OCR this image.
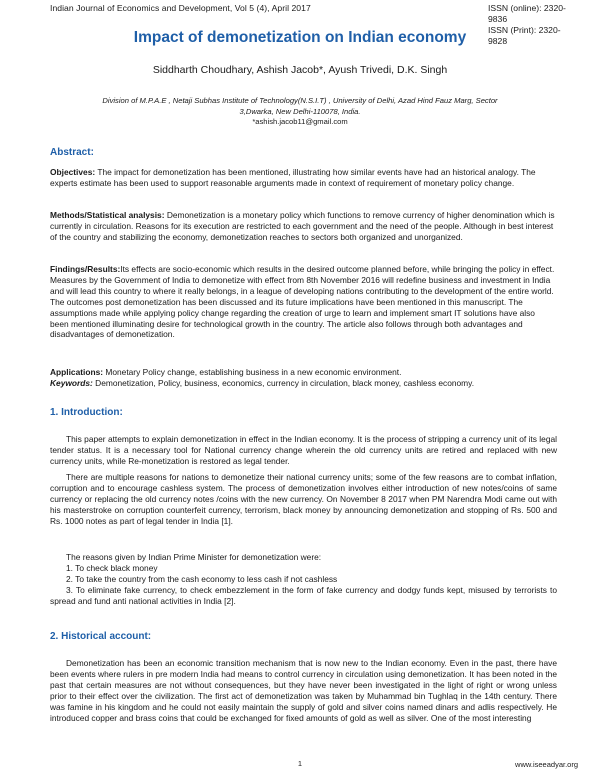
Indian Journal of Economics and Development, Vol 5 (4), April 2017	ISSN (online): 2320-9836
ISSN (Print): 2320-9828
Impact of demonetization on Indian economy
Siddharth Choudhary, Ashish Jacob*, Ayush Trivedi, D.K. Singh
Division of M.P.A.E , Netaji Subhas Institute of Technology(N.S.I.T) , University of Delhi, Azad Hind Fauz Marg, Sector
3,Dwarka, New Delhi-110078, India.
*ashish.jacob11@gmail.com
Abstract:

Objectives: The impact for demonetization has been mentioned, illustrating how similar events have had an historical analogy. The experts estimate has been used to support reasonable arguments made in context of requirement of monetary policy change.

Methods/Statistical analysis: Demonetization is a monetary policy which functions to remove currency of higher denomination which is currently in circulation. Reasons for its execution are restricted to each government and the need of the people. Although in best interest of the country and stabilizing the economy, demonetization reaches to sectors both organized and unorganized.

Findings/Results:Its effects are socio-economic which results in the desired outcome planned before, while bringing the policy in effect. Measures by the Government of India to demonetize with effect from 8th November 2016 will redefine business and investment in India and will lead this country to where it really belongs, in a league of developing nations contributing to the development of the entire world. The outcomes post demonetization has been discussed and its future implications have been mentioned in this manuscript. The assumptions made while applying policy change regarding the creation of urge to learn and implement smart IT solutions have also been mentioned illuminating desire for technological growth in the country. The article also follows through both advantages and disadvantages of demonetization.

Applications: Monetary Policy change, establishing business in a new economic environment.

Keywords: Demonetization, Policy, business, economics, currency in circulation, black money, cashless economy.

1. Introduction:

This paper attempts to explain demonetization in effect in the Indian economy. It is the process of stripping a currency unit of its legal tender status. It is a necessary tool for National currency change wherein the old currency units are retired and replaced with new currency units, while Re-monetization is restored as legal tender.

There are multiple reasons for nations to demonetize their national currency units; some of the few reasons are to combat inflation, corruption and to encourage cashless system. The process of demonetization involves either introduction of new notes/coins of same currency or replacing the old currency notes /coins with the new currency. On November 8 2017 when PM Narendra Modi came out with his masterstroke on corruption counterfeit currency, terrorism, black money by announcing demonetization and stopping of Rs. 500 and Rs. 1000 notes as part of legal tender in India [1].

The reasons given by Indian Prime Minister for demonetization were:

1. To check black money

2. To take the country from the cash economy to less cash if not cashless

3. To eliminate fake currency, to check embezzlement in the form of fake currency and dodgy funds kept, misused by terrorists to spread and fund anti national activities in India [2].

2. Historical account:

Demonetization has been an economic transition mechanism that is now new to the Indian economy. Even in the past, there have been events where rulers in pre modern India had means to control currency in circulation using demonetization. It has been noted in the past that certain measures are not without consequences, but they have never been investigated in the light of right or wrong unless prior to their effect over the civilization. The first act of demonetization was taken by Muhammad bin Tughlaq in the 14th century. There was famine in his kingdom and he could not easily maintain the supply of gold and silver coins named dinars and adlis respectively. He introduced copper and brass coins that could be exchanged for fixed amounts of gold as well as silver. One of the most interesting

1	www.iseeadyar.org
